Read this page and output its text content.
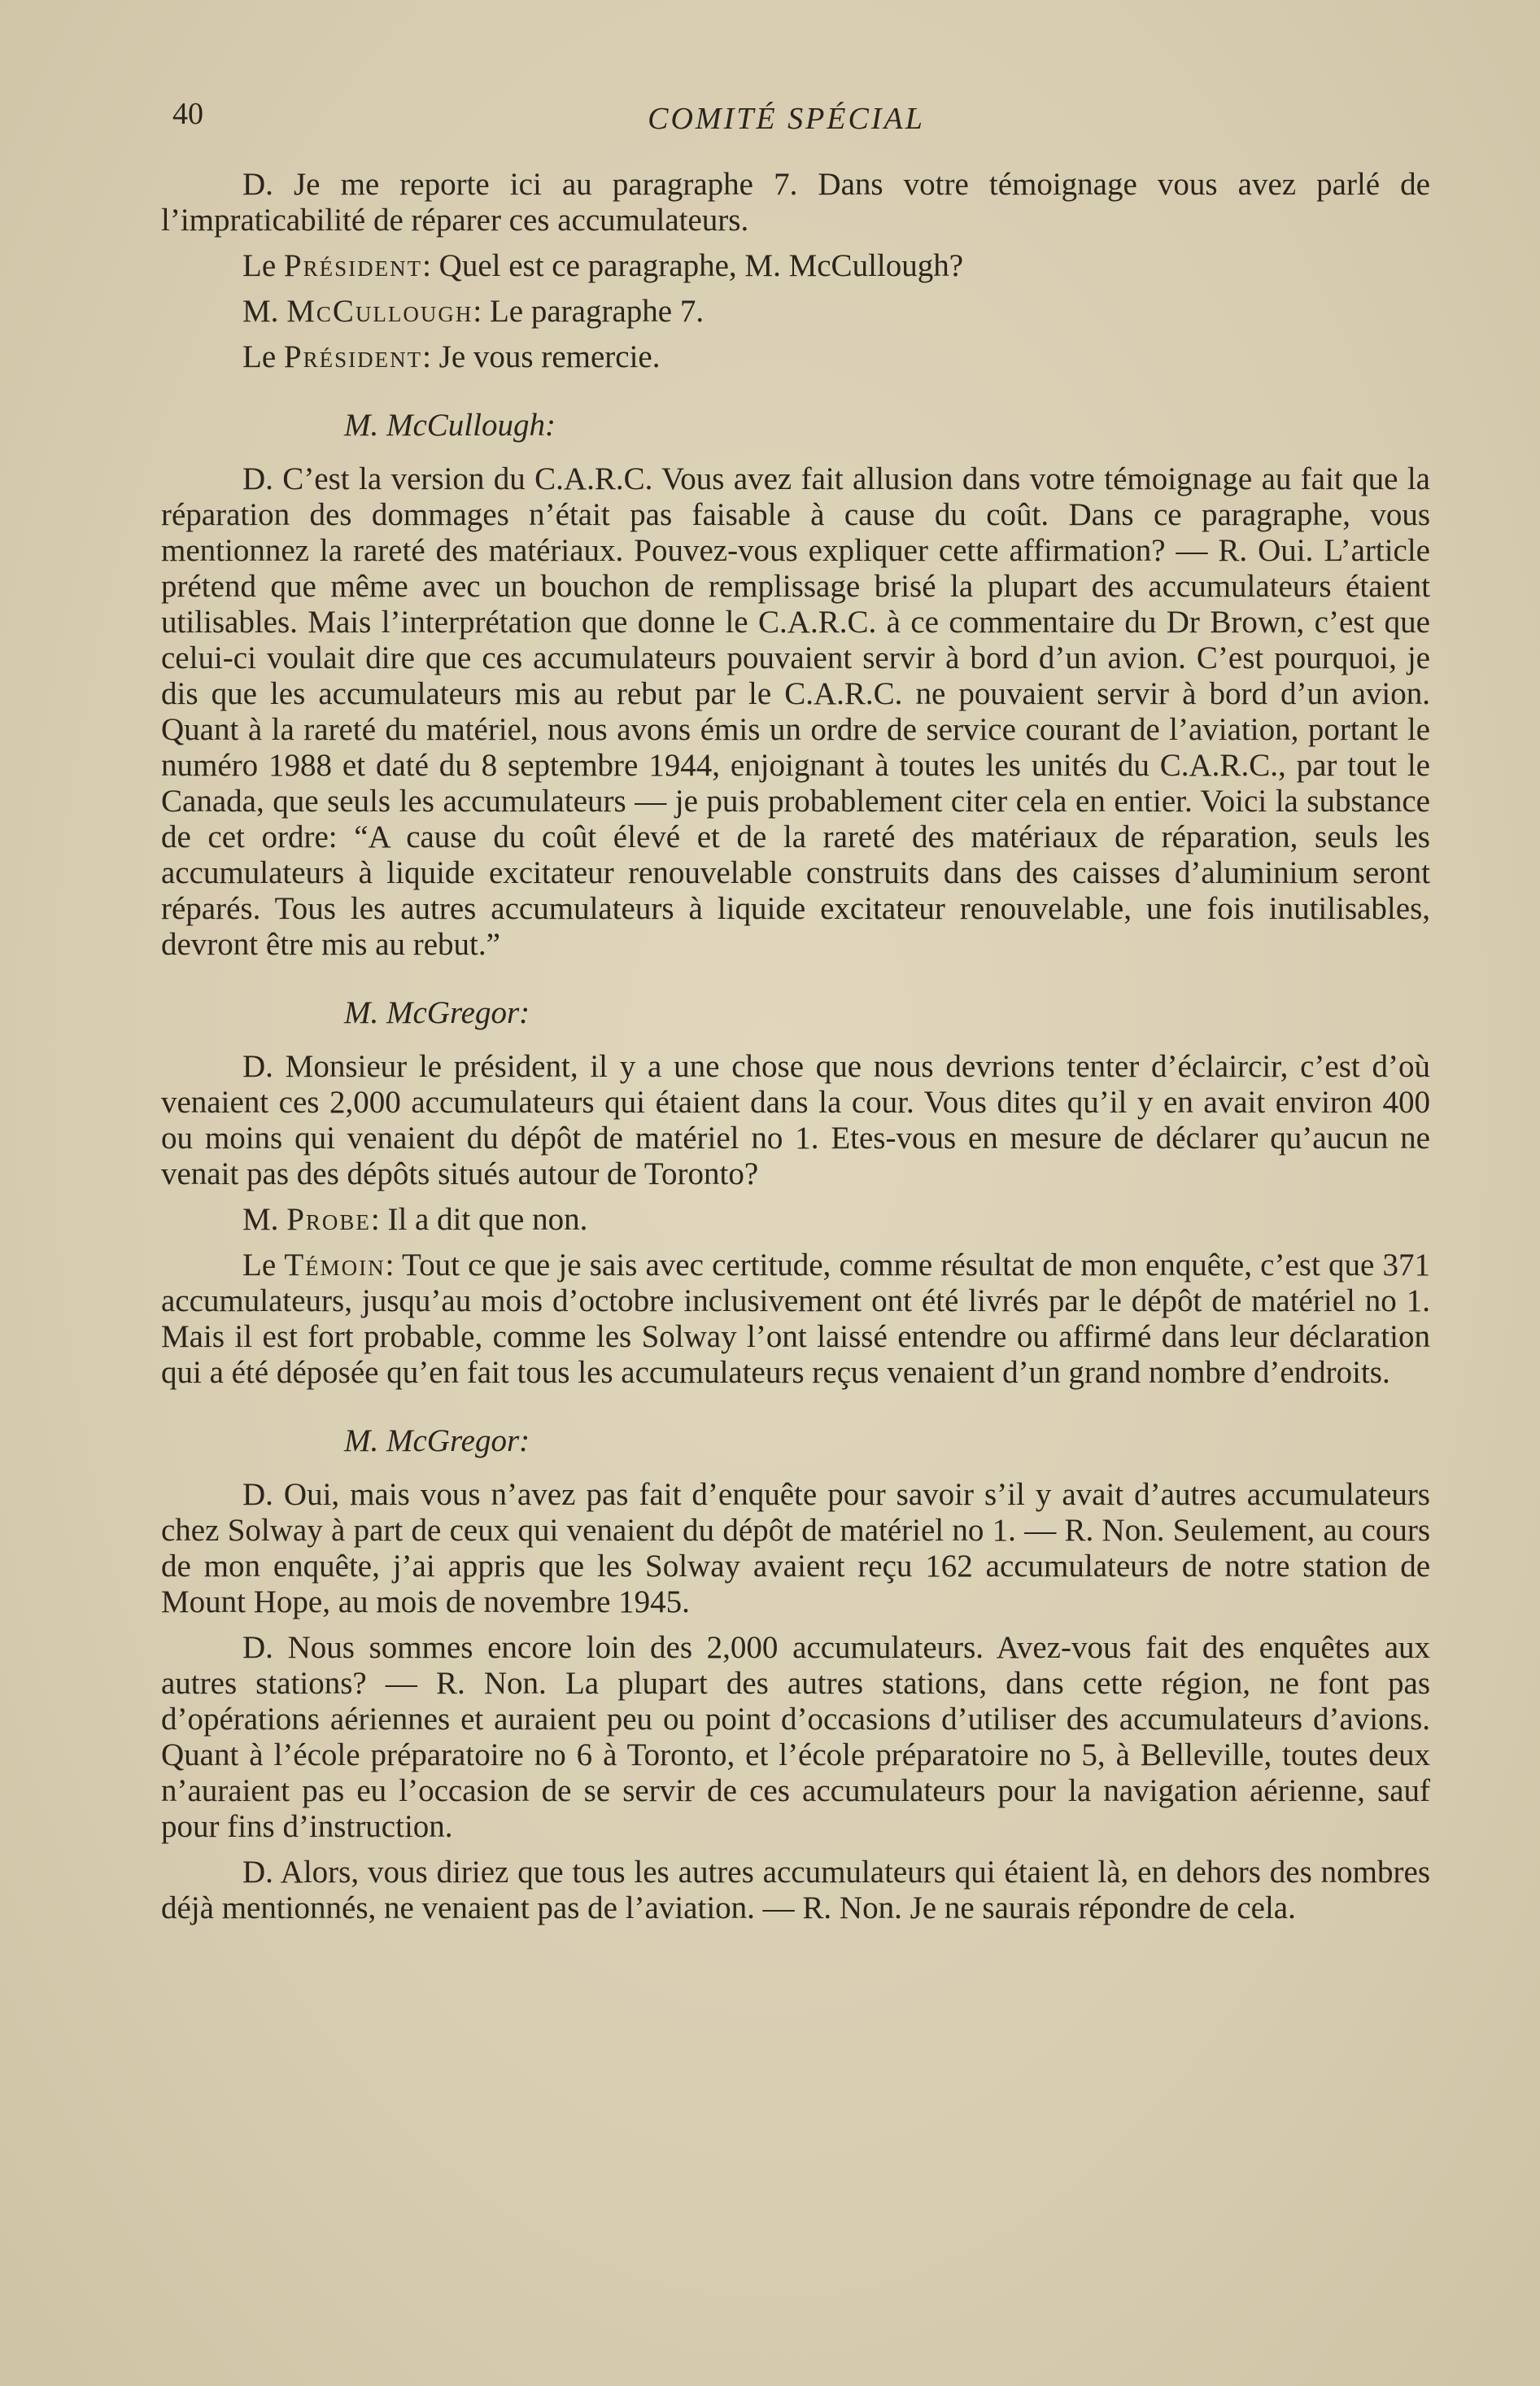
40	COMITÉ SPÉCIAL

D. Je me reporte ici au paragraphe 7. Dans votre témoignage vous avez parlé de l’impraticabilité de réparer ces accumulateurs.

Le Président: Quel est ce paragraphe, M. McCullough?

M. McCullough: Le paragraphe 7.

Le Président: Je vous remercie.

M. McCullough:

D. C’est la version du C.A.R.C. Vous avez fait allusion dans votre témoignage au fait que la réparation des dommages n’était pas faisable à cause du coût. Dans ce paragraphe, vous mentionnez la rareté des matériaux. Pouvez-vous expliquer cette affirmation? — R. Oui. L’article prétend que même avec un bouchon de remplissage brisé la plupart des accumulateurs étaient utilisables. Mais l’interprétation que donne le C.A.R.C. à ce commentaire du Dr Brown, c’est que celui-ci voulait dire que ces accumulateurs pouvaient servir à bord d’un avion. C’est pourquoi, je dis que les accumulateurs mis au rebut par le C.A.R.C. ne pouvaient servir à bord d’un avion. Quant à la rareté du matériel, nous avons émis un ordre de service courant de l’aviation, portant le numéro 1988 et daté du 8 septembre 1944, enjoignant à toutes les unités du C.A.R.C., par tout le Canada, que seuls les accumulateurs — je puis probablement citer cela en entier. Voici la substance de cet ordre: “A cause du coût élevé et de la rareté des matériaux de réparation, seuls les accumulateurs à liquide excitateur renouvelable construits dans des caisses d’aluminium seront réparés. Tous les autres accumulateurs à liquide excitateur renouvelable, une fois inutilisables, devront être mis au rebut.”

M. McGregor:

D. Monsieur le président, il y a une chose que nous devrions tenter d’éclaircir, c’est d’où venaient ces 2,000 accumulateurs qui étaient dans la cour. Vous dites qu’il y en avait environ 400 ou moins qui venaient du dépôt de matériel no 1. Etes-vous en mesure de déclarer qu’aucun ne venait pas des dépôts situés autour de Toronto?

M. Probe: Il a dit que non.

Le Témoin: Tout ce que je sais avec certitude, comme résultat de mon enquête, c’est que 371 accumulateurs, jusqu’au mois d’octobre inclusivement ont été livrés par le dépôt de matériel no 1. Mais il est fort probable, comme les Solway l’ont laissé entendre ou affirmé dans leur déclaration qui a été déposée qu’en fait tous les accumulateurs reçus venaient d’un grand nombre d’endroits.

M. McGregor:

D. Oui, mais vous n’avez pas fait d’enquête pour savoir s’il y avait d’autres accumulateurs chez Solway à part de ceux qui venaient du dépôt de matériel no 1. — R. Non. Seulement, au cours de mon enquête, j’ai appris que les Solway avaient reçu 162 accumulateurs de notre station de Mount Hope, au mois de novembre 1945.

D. Nous sommes encore loin des 2,000 accumulateurs. Avez-vous fait des enquêtes aux autres stations? — R. Non. La plupart des autres stations, dans cette région, ne font pas d’opérations aériennes et auraient peu ou point d’occasions d’utiliser des accumulateurs d’avions. Quant à l’école préparatoire no 6 à Toronto, et l’école préparatoire no 5, à Belleville, toutes deux n’auraient pas eu l’occasion de se servir de ces accumulateurs pour la navigation aérienne, sauf pour fins d’instruction.

D. Alors, vous diriez que tous les autres accumulateurs qui étaient là, en dehors des nombres déjà mentionnés, ne venaient pas de l’aviation. — R. Non. Je ne saurais répondre de cela.
